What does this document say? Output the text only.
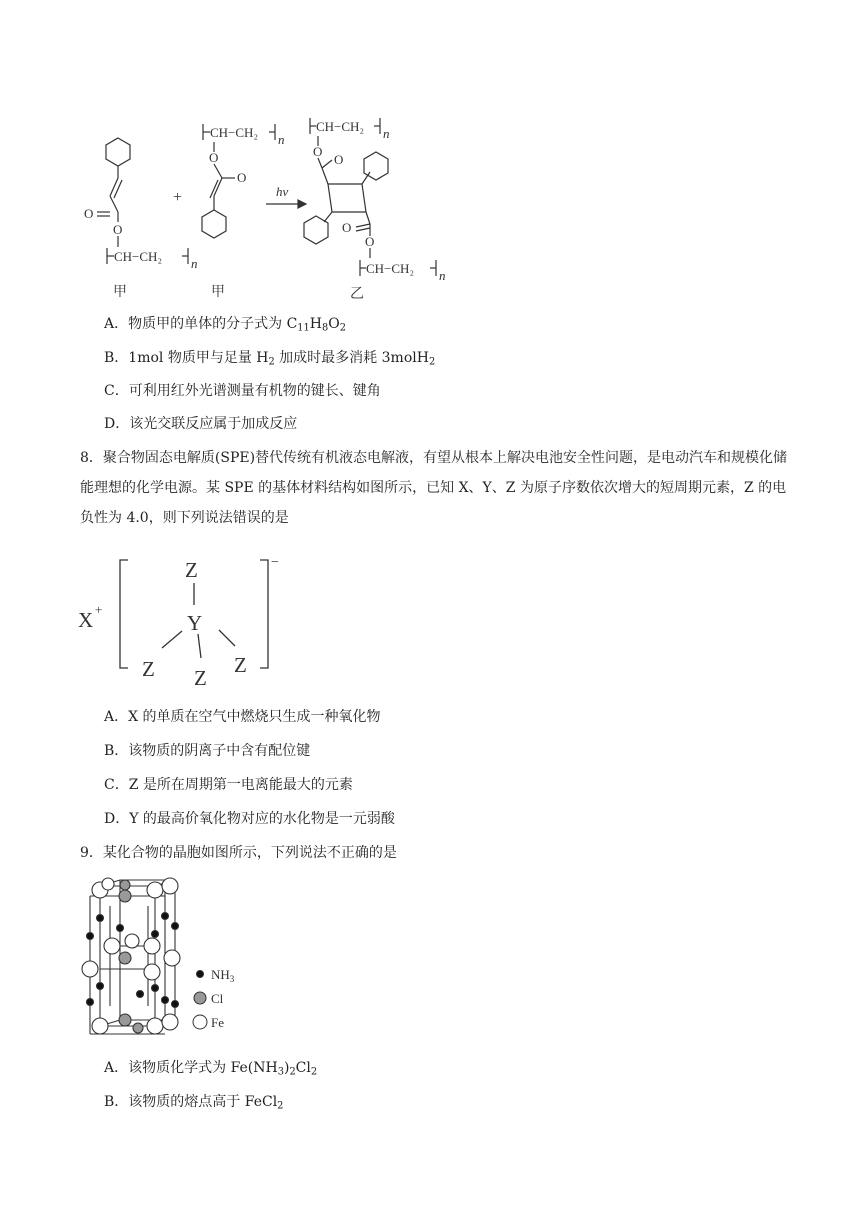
O
O
CH−CH₂ n
甲
+
CH−CH₂ n
O
O
甲
hν
CH−CH₂ n
O
O
O
O
CH−CH₂ n
乙
A．物质甲的单体的分子式为 $C_{11}H_8O_2$
B．1mol 物质甲与足量 $H_2$ 加成时最多消耗 3molH$_2$
C．可利用红外光谱测量有机物的键长、键角
D．该光交联反应属于加成反应
8．聚合物固态电解质(SPE)替代传统有机液态电解液，有望从根本上解决电池安全性问题，是电动汽车和规模化储能理想的化学电源。某 SPE 的基体材料结构如图所示，已知 X、Y、Z 为原子序数依次增大的短周期元素，Z 的电负性为 4.0，则下列说法错误的是
X +
Z
Y
Z Z
Z
−
A．X 的单质在空气中燃烧只生成一种氧化物
B．该物质的阴离子中含有配位键
C．Z 是所在周期第一电离能最大的元素
D．Y 的最高价氧化物对应的水化物是一元弱酸
9．某化合物的晶胞如图所示，下列说法不正确的是
$NH_3$
Cl
Fe
A．该物质化学式为 $Fe(NH_3)_2Cl_2$
B．该物质的熔点高于 FeCl$_2$
